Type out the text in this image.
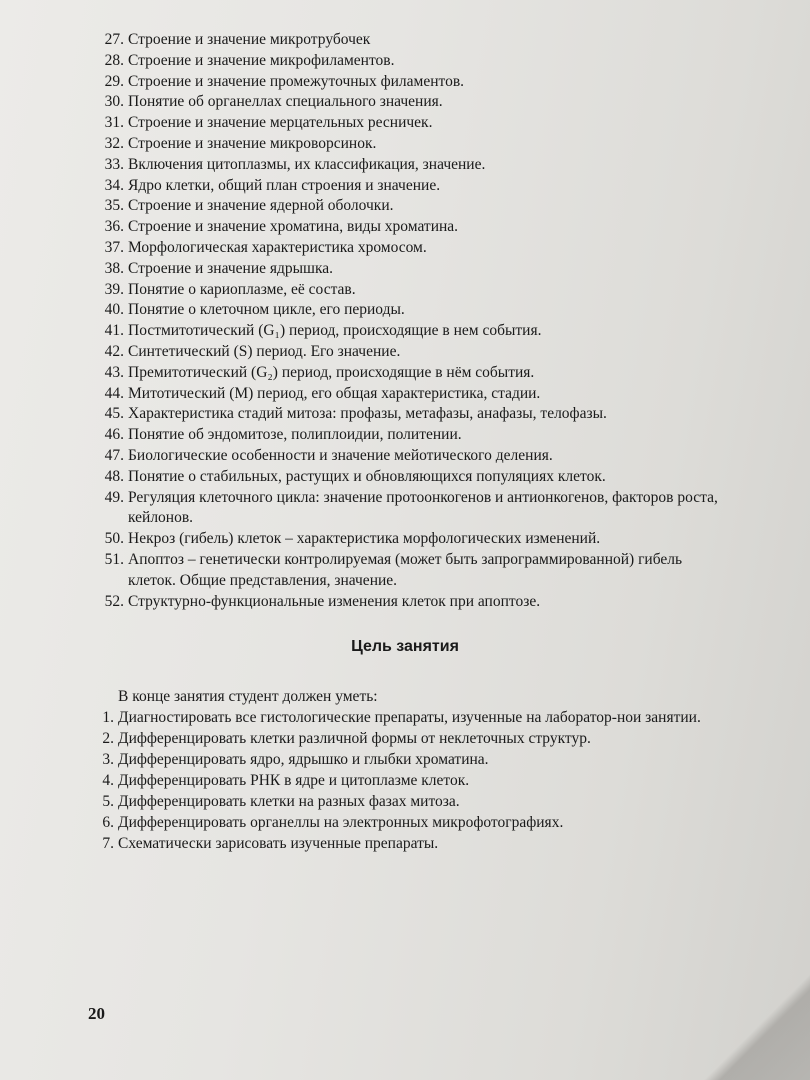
27. Строение и значение микротрубочек
28. Строение и значение микрофиламентов.
29. Строение и значение промежуточных филаментов.
30. Понятие об органеллах специального значения.
31. Строение и значение мерцательных ресничек.
32. Строение и значение микроворсинок.
33. Включения цитоплазмы, их классификация, значение.
34. Ядро клетки, общий план строения и значение.
35. Строение и значение ядерной оболочки.
36. Строение и значение хроматина, виды хроматина.
37. Морфологическая характеристика хромосом.
38. Строение и значение ядрышка.
39. Понятие о кариоплазме, её состав.
40. Понятие о клеточном цикле, его периоды.
41. Постмитотический (G₁) период, происходящие в нем события.
42. Синтетический (S) период. Его значение.
43. Премитотический (G₂) период, происходящие в нём события.
44. Митотический (М) период, его общая характеристика, стадии.
45. Характеристика стадий митоза: профазы, метафазы, анафазы, телофазы.
46. Понятие об эндомитозе, полиплоидии, политении.
47. Биологические особенности и значение мейотического деления.
48. Понятие о стабильных, растущих и обновляющихся популяциях клеток.
49. Регуляция клеточного цикла: значение протоонкогенов и антионкогенов, факторов роста, кейлонов.
50. Некроз (гибель) клеток – характеристика морфологических изменений.
51. Апоптоз – генетически контролируемая (может быть запрограммированной) гибель клеток. Общие представления, значение.
52. Структурно-функциональные изменения клеток при апоптозе.
Цель занятия
В конце занятия студент должен уметь:
1. Диагностировать все гистологические препараты, изученные на лаборатор-нои занятии.
2. Дифференцировать клетки различной формы от неклеточных структур.
3. Дифференцировать ядро, ядрышко и глыбки хроматина.
4. Дифференцировать РНК в ядре и цитоплазме клеток.
5. Дифференцировать клетки на разных фазах митоза.
6. Дифференцировать органеллы на электронных микрофотографиях.
7. Схематически зарисовать изученные препараты.
20
